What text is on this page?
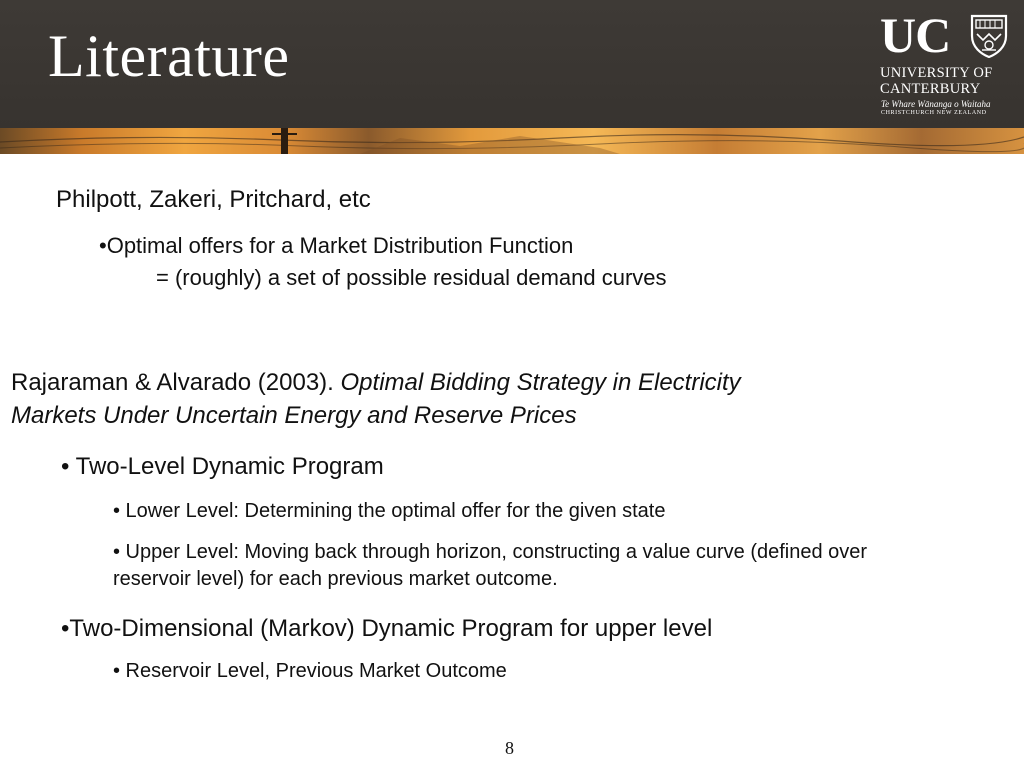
Literature	UC
UNIVERSITY OF
CANTERBURY
Te Whare Wānanga o Waitaha
CHRISTCHURCH NEW ZEALAND
Philpott, Zakeri, Pritchard, etc
•Optimal offers for a Market Distribution Function
= (roughly) a set of possible residual demand curves
Rajaraman & Alvarado (2003). Optimal Bidding Strategy in Electricity
Markets Under Uncertain Energy and Reserve Prices
• Two-Level Dynamic Program
• Lower Level: Determining the optimal offer for the given state
• Upper Level: Moving back through horizon, constructing a value curve (defined over
reservoir level) for each previous market outcome.
•Two-Dimensional (Markov) Dynamic Program for upper level
• Reservoir Level, Previous Market Outcome
8
